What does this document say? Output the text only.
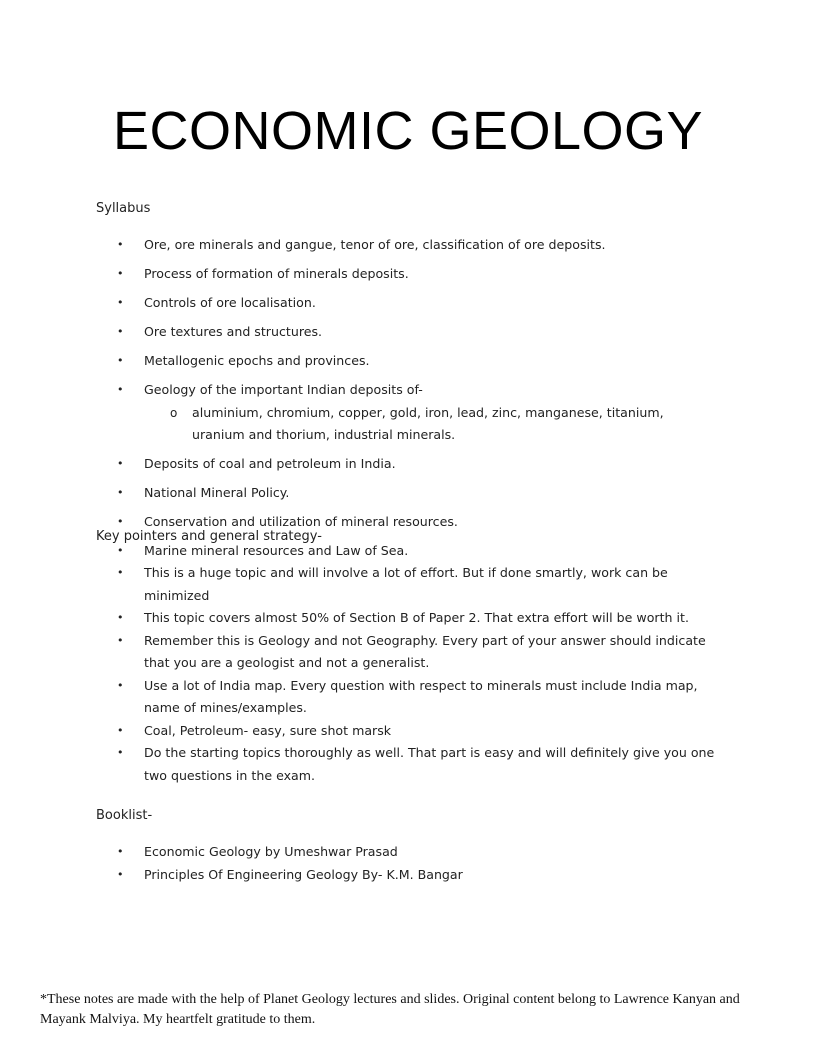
ECONOMIC GEOLOGY

Syllabus

• Ore, ore minerals and gangue, tenor of ore, classification of ore deposits.
• Process of formation of minerals deposits.
• Controls of ore localisation.
• Ore textures and structures.
• Metallogenic epochs and provinces.
• Geology of the important Indian deposits of-
o aluminium, chromium, copper, gold, iron, lead, zinc, manganese, titanium, uranium and thorium, industrial minerals.
• Deposits of coal and petroleum in India.
• National Mineral Policy.
• Conservation and utilization of mineral resources.
• Marine mineral resources and Law of Sea.

Key pointers and general strategy-

• This is a huge topic and will involve a lot of effort. But if done smartly, work can be minimized
• This topic covers almost 50% of Section B of Paper 2. That extra effort will be worth it.
• Remember this is Geology and not Geography. Every part of your answer should indicate that you are a geologist and not a generalist.
• Use a lot of India map. Every question with respect to minerals must include India map, name of mines/examples.
• Coal, Petroleum- easy, sure shot marsk
• Do the starting topics thoroughly as well. That part is easy and will definitely give you one two questions in the exam.

Booklist-

• Economic Geology by Umeshwar Prasad
• Principles Of Engineering Geology By- K.M. Bangar

*These notes are made with the help of Planet Geology lectures and slides. Original content belong to Lawrence Kanyan and Mayank Malviya. My heartfelt gratitude to them.
